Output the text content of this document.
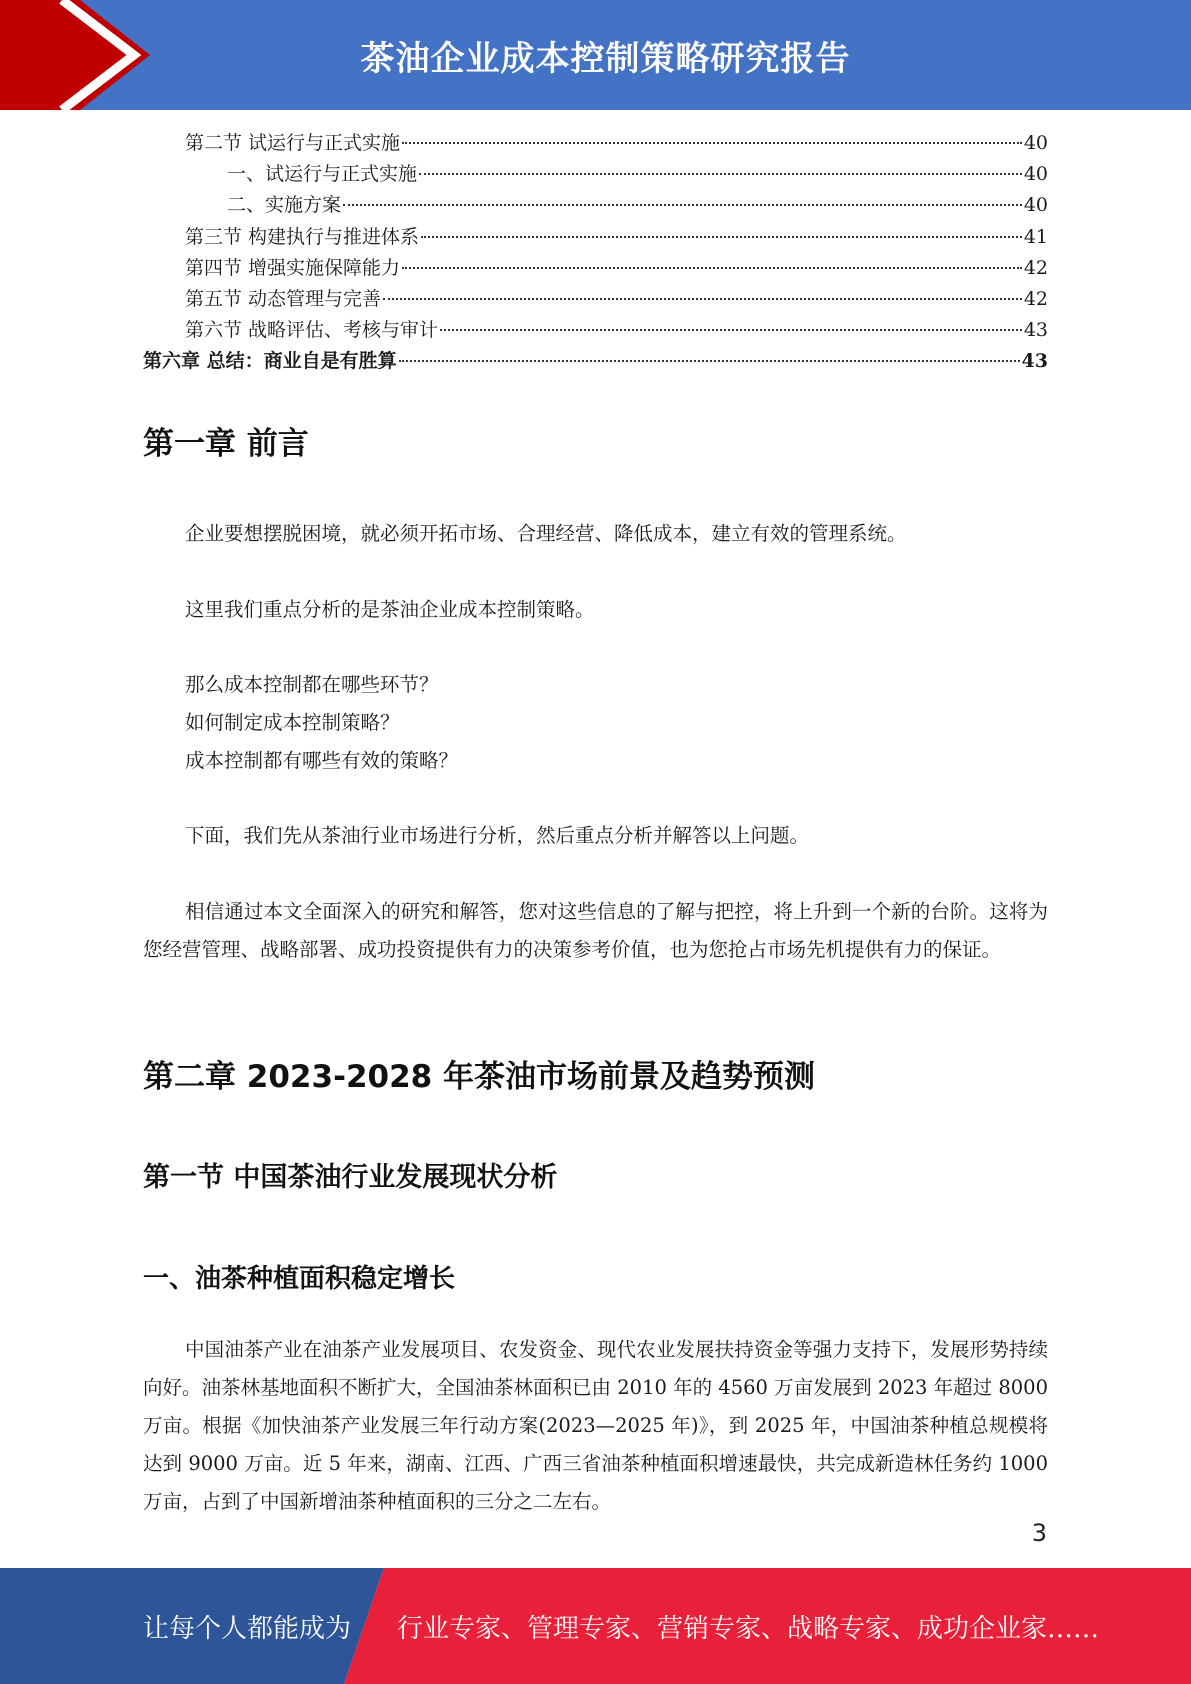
茶油企业成本控制策略研究报告
第二节 试运行与正式实施	40
一、试运行与正式实施	40
二、实施方案	40
第三节 构建执行与推进体系	41
第四节 增强实施保障能力	42
第五节 动态管理与完善	42
第六节 战略评估、考核与审计	43
第六章 总结：商业自是有胜算	43
第一章 前言

企业要想摆脱困境，就必须开拓市场、合理经营、降低成本，建立有效的管理系统。

这里我们重点分析的是茶油企业成本控制策略。

那么成本控制都在哪些环节？

如何制定成本控制策略？

成本控制都有哪些有效的策略？

下面，我们先从茶油行业市场进行分析，然后重点分析并解答以上问题。

相信通过本文全面深入的研究和解答，您对这些信息的了解与把控，将上升到一个新的台阶。这将为您经营管理、战略部署、成功投资提供有力的决策参考价值，也为您抢占市场先机提供有力的保证。

第二章 2023-2028 年茶油市场前景及趋势预测
第一节 中国茶油行业发展现状分析
一、油茶种植面积稳定增长

中国油茶产业在油茶产业发展项目、农发资金、现代农业发展扶持资金等强力支持下，发展形势持续向好。油茶林基地面积不断扩大，全国油茶林面积已由 2010 年的 4560 万亩发展到 2023 年超过 8000 万亩。根据《加快油茶产业发展三年行动方案(2023—2025 年)》，到 2025 年，中国油茶种植总规模将达到 9000 万亩。近 5 年来，湖南、江西、广西三省油茶种植面积增速最快，共完成新造林任务约 1000 万亩，占到了中国新增油茶种植面积的三分之二左右。

3
让每个人都能成为 行业专家、管理专家、营销专家、战略专家、成功企业家……
